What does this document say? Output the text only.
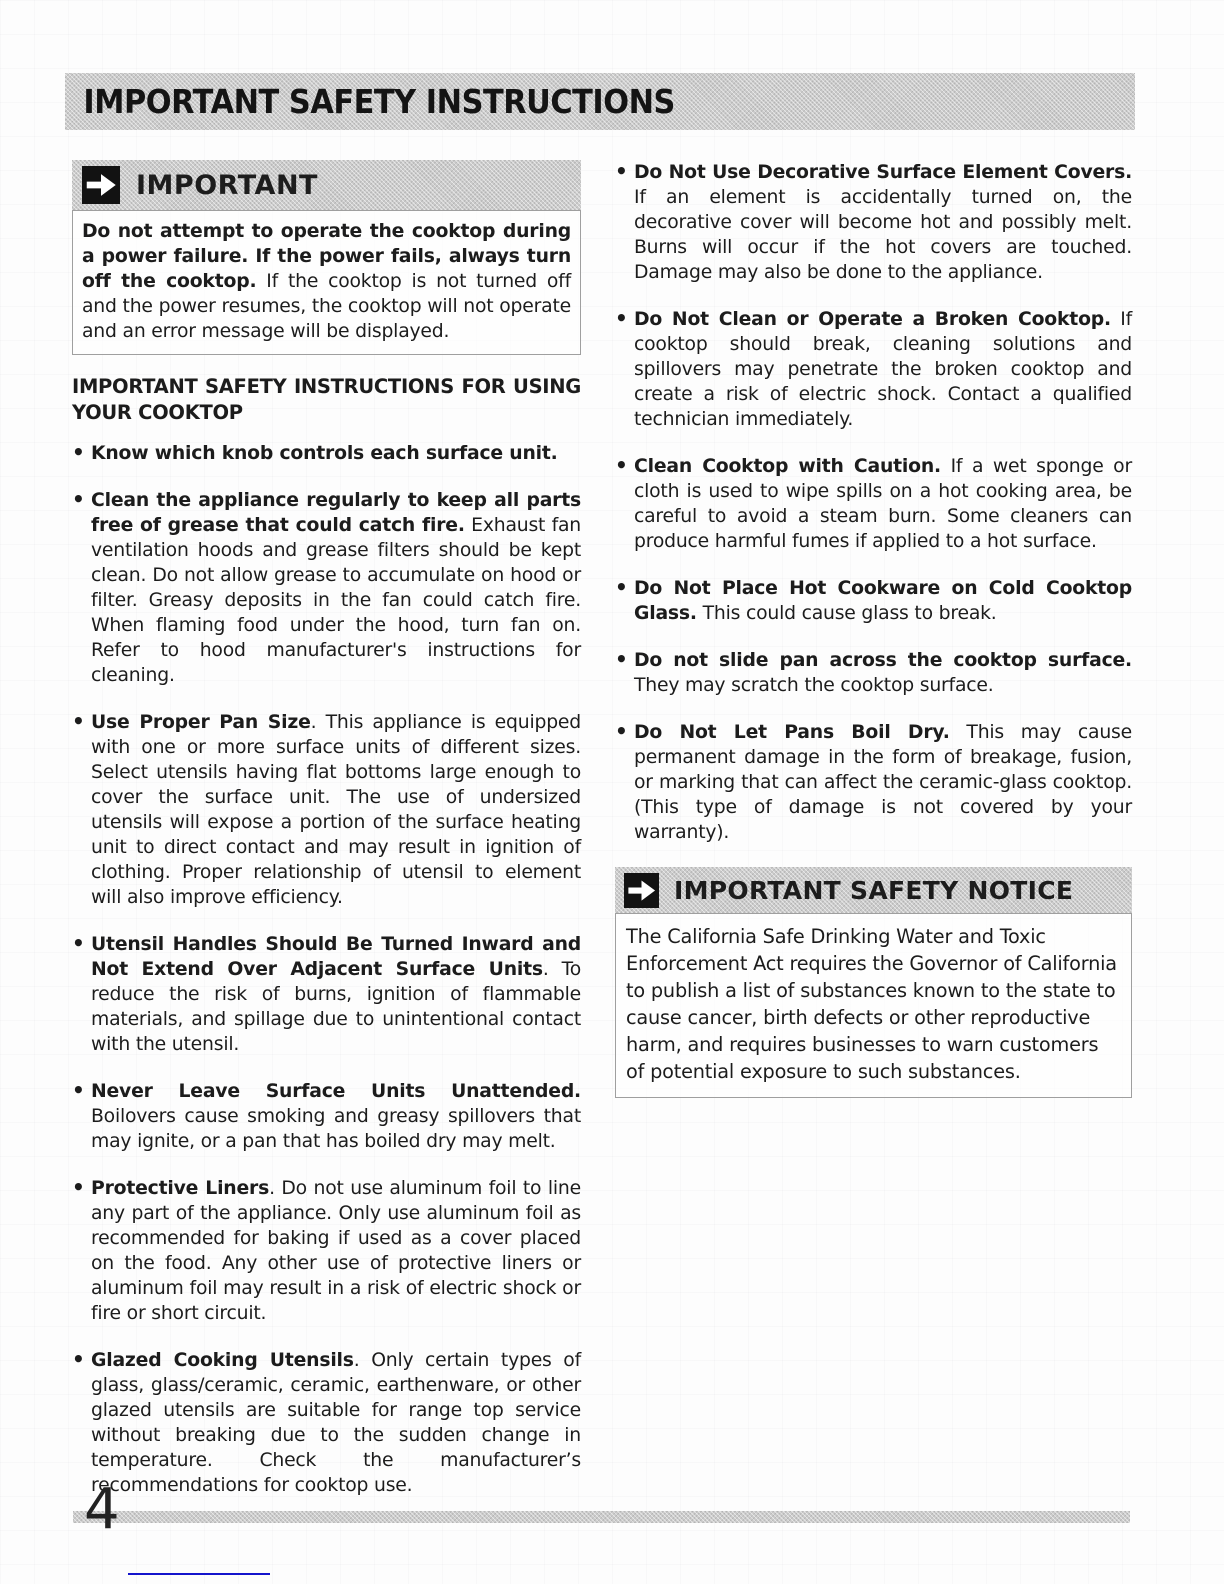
IMPORTANT SAFETY INSTRUCTIONS
IMPORTANT
Do not attempt to operate the cooktop during a power failure. If the power fails, always turn off the cooktop. If the cooktop is not turned off and the power resumes, the cooktop will not operate and an error message will be displayed.
IMPORTANT SAFETY INSTRUCTIONS FOR USING YOUR COOKTOP
• Know which knob controls each surface unit.
• Clean the appliance regularly to keep all parts free of grease that could catch fire. Exhaust fan ventilation hoods and grease filters should be kept clean. Do not allow grease to accumulate on hood or filter. Greasy deposits in the fan could catch fire. When flaming food under the hood, turn fan on. Refer to hood manufacturer's instructions for cleaning.
• Use Proper Pan Size. This appliance is equipped with one or more surface units of different sizes. Select utensils having flat bottoms large enough to cover the surface unit. The use of undersized utensils will expose a portion of the surface heating unit to direct contact and may result in ignition of clothing. Proper relationship of utensil to element will also improve efficiency.
• Utensil Handles Should Be Turned Inward and Not Extend Over Adjacent Surface Units. To reduce the risk of burns, ignition of flammable materials, and spillage due to unintentional contact with the utensil.
• Never Leave Surface Units Unattended. Boilovers cause smoking and greasy spillovers that may ignite, or a pan that has boiled dry may melt.
• Protective Liners. Do not use aluminum foil to line any part of the appliance. Only use aluminum foil as recommended for baking if used as a cover placed on the food. Any other use of protective liners or aluminum foil may result in a risk of electric shock or fire or short circuit.
• Glazed Cooking Utensils. Only certain types of glass, glass/ceramic, ceramic, earthenware, or other glazed utensils are suitable for range top service without breaking due to the sudden change in temperature. Check the manufacturer’s recommendations for cooktop use.
• Do Not Use Decorative Surface Element Covers. If an element is accidentally turned on, the decorative cover will become hot and possibly melt. Burns will occur if the hot covers are touched. Damage may also be done to the appliance.
• Do Not Clean or Operate a Broken Cooktop. If cooktop should break, cleaning solutions and spillovers may penetrate the broken cooktop and create a risk of electric shock. Contact a qualified technician immediately.
• Clean Cooktop with Caution. If a wet sponge or cloth is used to wipe spills on a hot cooking area, be careful to avoid a steam burn. Some cleaners can produce harmful fumes if applied to a hot surface.
• Do Not Place Hot Cookware on Cold Cooktop Glass. This could cause glass to break.
• Do not slide pan across the cooktop surface. They may scratch the cooktop surface.
• Do Not Let Pans Boil Dry. This may cause permanent damage in the form of breakage, fusion, or marking that can affect the ceramic-glass cooktop. (This type of damage is not covered by your warranty).
IMPORTANT SAFETY NOTICE
The California Safe Drinking Water and Toxic Enforcement Act requires the Governor of California to publish a list of substances known to the state to cause cancer, birth defects or other reproductive harm, and requires businesses to warn customers of potential exposure to such substances.
4
